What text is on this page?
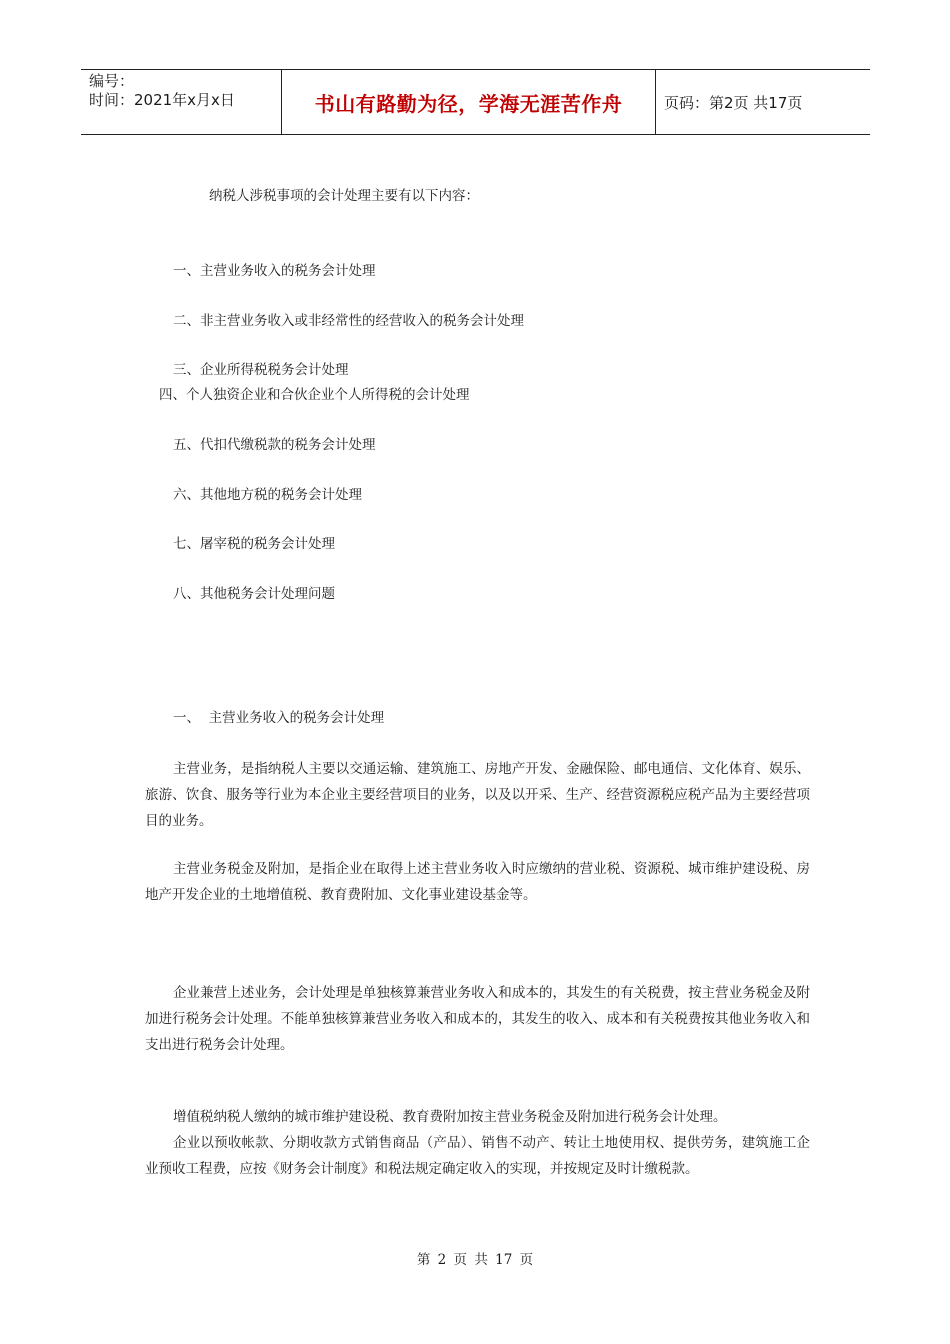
编号：
时间：2021年x月x日	书山有路勤为径，学海无涯苦作舟	页码：第2页 共17页
纳税人涉税事项的会计处理主要有以下内容：
一、主营业务收入的税务会计处理
二、非主营业务收入或非经常性的经营收入的税务会计处理
三、企业所得税税务会计处理
四、个人独资企业和合伙企业个人所得税的会计处理
五、代扣代缴税款的税务会计处理
六、其他地方税的税务会计处理
七、屠宰税的税务会计处理
八、其他税务会计处理问题
一、  主营业务收入的税务会计处理
主营业务，是指纳税人主要以交通运输、建筑施工、房地产开发、金融保险、邮电通信、文化体育、娱乐、旅游、饮食、服务等行业为本企业主要经营项目的业务，以及以开采、生产、经营资源税应税产品为主要经营项目的业务。
主营业务税金及附加，是指企业在取得上述主营业务收入时应缴纳的营业税、资源税、城市维护建设税、房地产开发企业的土地增值税、教育费附加、文化事业建设基金等。
企业兼营上述业务，会计处理是单独核算兼营业务收入和成本的，其发生的有关税费，按主营业务税金及附加进行税务会计处理。不能单独核算兼营业务收入和成本的，其发生的收入、成本和有关税费按其他业务收入和支出进行税务会计处理。
增值税纳税人缴纳的城市维护建设税、教育费附加按主营业务税金及附加进行税务会计处理。
企业以预收帐款、分期收款方式销售商品（产品）、销售不动产、转让土地使用权、提供劳务，建筑施工企业预收工程费，应按《财务会计制度》和税法规定确定收入的实现，并按规定及时计缴税款。
第 2 页 共 17 页
